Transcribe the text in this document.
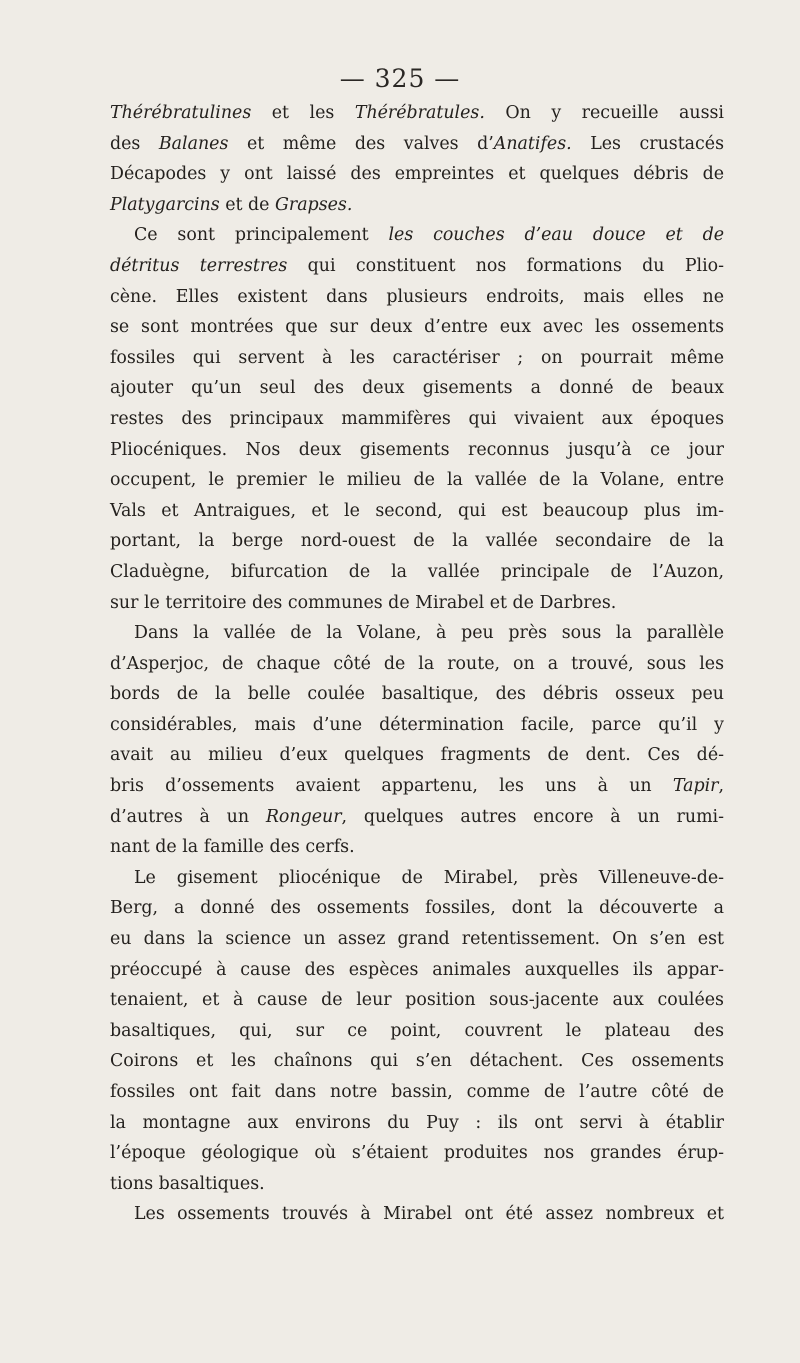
— 325 —
Thérébratulines et les Thérébratules. On y recueille aussi
des Balanes et même des valves d’Anatifes. Les crustacés
Décapodes y ont laissé des empreintes et quelques débris de
Platygarcins et de Grapses.
Ce sont principalement les couches d’eau douce et de
détritus terrestres qui constituent nos formations du Plio-
cène. Elles existent dans plusieurs endroits, mais elles ne
se sont montrées que sur deux d’entre eux avec les ossements
fossiles qui servent à les caractériser ; on pourrait même
ajouter qu’un seul des deux gisements a donné de beaux
restes des principaux mammifères qui vivaient aux époques
Pliocéniques. Nos deux gisements reconnus jusqu’à ce jour
occupent, le premier le milieu de la vallée de la Volane, entre
Vals et Antraigues, et le second, qui est beaucoup plus im-
portant, la berge nord-ouest de la vallée secondaire de la
Claduègne, bifurcation de la vallée principale de l’Auzon,
sur le territoire des communes de Mirabel et de Darbres.
Dans la vallée de la Volane, à peu près sous la parallèle
d’Asperjoc, de chaque côté de la route, on a trouvé, sous les
bords de la belle coulée basaltique, des débris osseux peu
considérables, mais d’une détermination facile, parce qu’il y
avait au milieu d’eux quelques fragments de dent. Ces dé-
bris d’ossements avaient appartenu, les uns à un Tapir,
d’autres à un Rongeur, quelques autres encore à un rumi-
nant de la famille des cerfs.
Le gisement pliocénique de Mirabel, près Villeneuve-de-
Berg, a donné des ossements fossiles, dont la découverte a
eu dans la science un assez grand retentissement. On s’en est
préoccupé à cause des espèces animales auxquelles ils appar-
tenaient, et à cause de leur position sous-jacente aux coulées
basaltiques, qui, sur ce point, couvrent le plateau des
Coirons et les chaînons qui s’en détachent. Ces ossements
fossiles ont fait dans notre bassin, comme de l’autre côté de
la montagne aux environs du Puy : ils ont servi à établir
l’époque géologique où s’étaient produites nos grandes érup-
tions basaltiques.
Les ossements trouvés à Mirabel ont été assez nombreux et
